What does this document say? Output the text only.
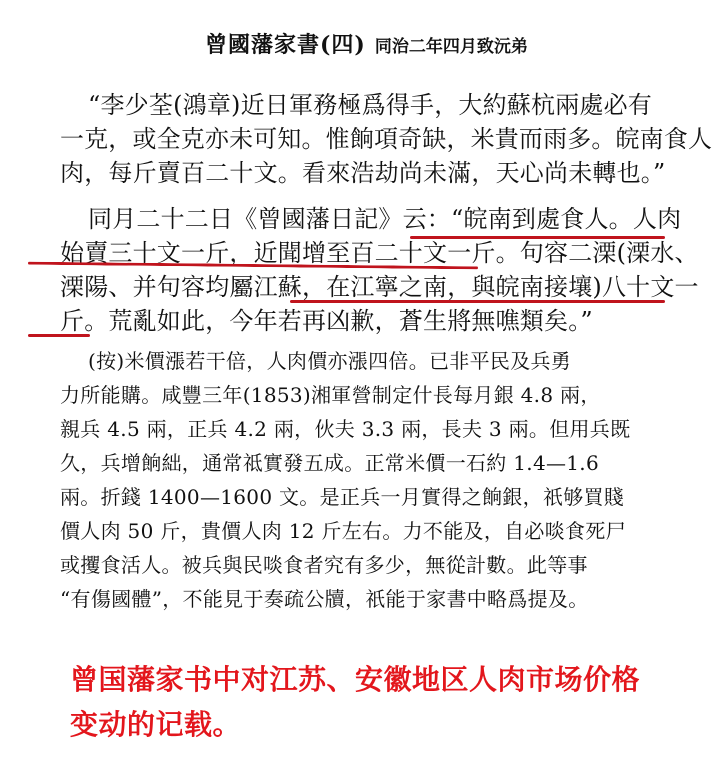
曾國藩家書(四) 同治二年四月致沅弟
“李少荃(鴻章)近日軍務極爲得手，大約蘇杭兩處必有
一克，或全克亦未可知。惟餉項奇缺，米貴而雨多。皖南食人
肉，每斤賣百二十文。看來浩劫尚未滿，天心尚未轉也。”
同月二十二日《曾國藩日記》云：“皖南到處食人。人肉
始賣三十文一斤，近聞增至百二十文一斤。句容二溧(溧水、
溧陽、并句容均屬江蘇，在江寧之南，與皖南接壤)八十文一
斤。荒亂如此，今年若再凶歉，蒼生將無噍類矣。”
(按)米價漲若干倍，人肉價亦漲四倍。已非平民及兵勇
力所能購。咸豐三年(1853)湘軍營制定什長每月銀 4.8 兩，
親兵 4.5 兩，正兵 4.2 兩，伙夫 3.3 兩，長夫 3 兩。但用兵既
久，兵增餉絀，通常祗實發五成。正常米價一石約 1.4—1.6
兩。折錢 1400—1600 文。是正兵一月實得之餉銀，祇够買賤
價人肉 50 斤，貴價人肉 12 斤左右。力不能及，自必啖食死尸
或攫食活人。被兵與民啖食者究有多少，無從計數。此等事
“有傷國體”，不能見于奏疏公牘，祇能于家書中略爲提及。
曾国藩家书中对江苏、安徽地区人肉市场价格
变动的记载。
